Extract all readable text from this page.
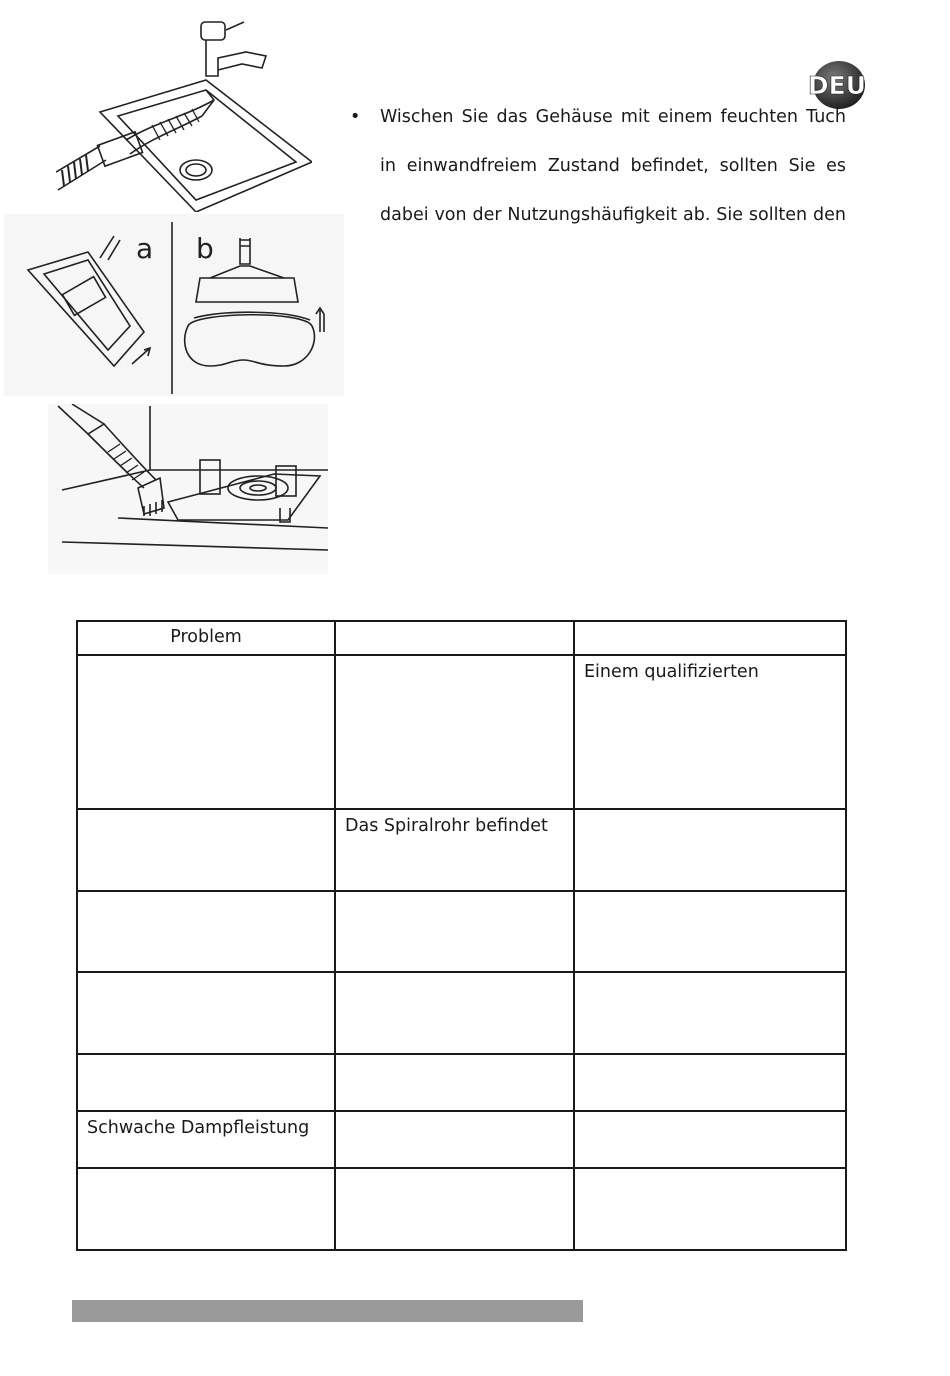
a b
DEU
•	Wischen Sie das Gehäuse mit einem feuchten Tuch
in einwandfreiem Zustand befindet, sollten Sie es
dabei von der Nutzungshäufigkeit ab. Sie sollten den
Problem		
		Einem qualifizierten
	Das Spiralrohr befindet	

Schwache Dampfleistung		
